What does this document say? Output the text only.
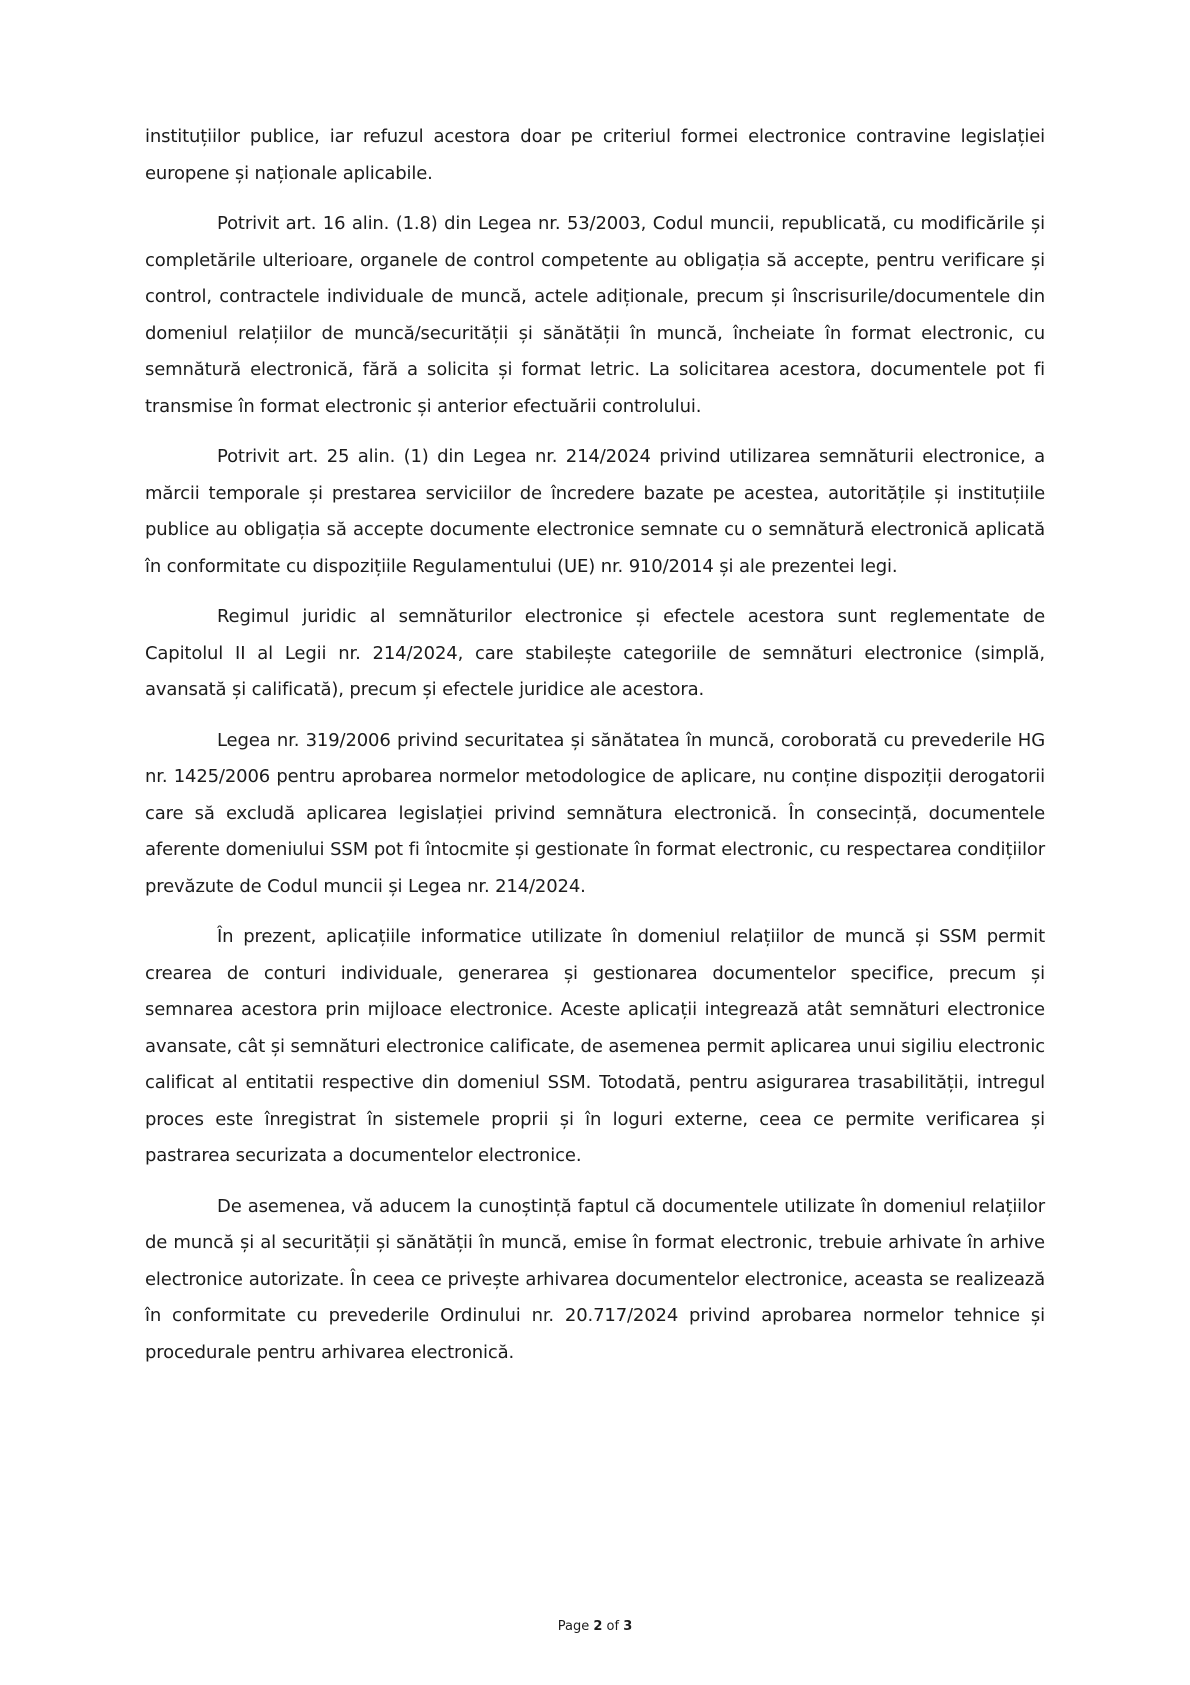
instituțiilor publice, iar refuzul acestora doar pe criteriul formei electronice contravine legislației europene și naționale aplicabile.

Potrivit art. 16 alin. (1.8) din Legea nr. 53/2003, Codul muncii, republicată, cu modificările și completările ulterioare, organele de control competente au obligația să accepte, pentru verificare și control, contractele individuale de muncă, actele adiționale, precum și înscrisurile/documentele din domeniul relațiilor de muncă/securității și sănătății în muncă, încheiate în format electronic, cu semnătură electronică, fără a solicita și format letric. La solicitarea acestora, documentele pot fi transmise în format electronic și anterior efectuării controlului.

Potrivit art. 25 alin. (1) din Legea nr. 214/2024 privind utilizarea semnăturii electronice, a mărcii temporale și prestarea serviciilor de încredere bazate pe acestea, autoritățile și instituțiile publice au obligația să accepte documente electronice semnate cu o semnătură electronică aplicată în conformitate cu dispozițiile Regulamentului (UE) nr. 910/2014 și ale prezentei legi.

Regimul juridic al semnăturilor electronice și efectele acestora sunt reglementate de Capitolul II al Legii nr. 214/2024, care stabilește categoriile de semnături electronice (simplă, avansată și calificată), precum și efectele juridice ale acestora.

Legea nr. 319/2006 privind securitatea și sănătatea în muncă, coroborată cu prevederile HG nr. 1425/2006 pentru aprobarea normelor metodologice de aplicare, nu conține dispoziții derogatorii care să excludă aplicarea legislației privind semnătura electronică. În consecință, documentele aferente domeniului SSM pot fi întocmite și gestionate în format electronic, cu respectarea condițiilor prevăzute de Codul muncii și Legea nr. 214/2024.

În prezent, aplicațiile informatice utilizate în domeniul relațiilor de muncă și SSM permit crearea de conturi individuale, generarea și gestionarea documentelor specifice, precum și semnarea acestora prin mijloace electronice. Aceste aplicații integrează atât semnături electronice avansate, cât și semnături electronice calificate, de asemenea permit aplicarea unui sigiliu electronic calificat al entitatii respective din domeniul SSM. Totodată, pentru asigurarea trasabilității, intregul proces este înregistrat în sistemele proprii și în loguri externe, ceea ce permite verificarea și pastrarea securizata a documentelor electronice.

De asemenea, vă aducem la cunoștință faptul că documentele utilizate în domeniul relațiilor de muncă și al securității și sănătății în muncă, emise în format electronic, trebuie arhivate în arhive electronice autorizate. În ceea ce privește arhivarea documentelor electronice, aceasta se realizează în conformitate cu prevederile Ordinului nr. 20.717/2024 privind aprobarea normelor tehnice și procedurale pentru arhivarea electronică.

Page 2 of 3
